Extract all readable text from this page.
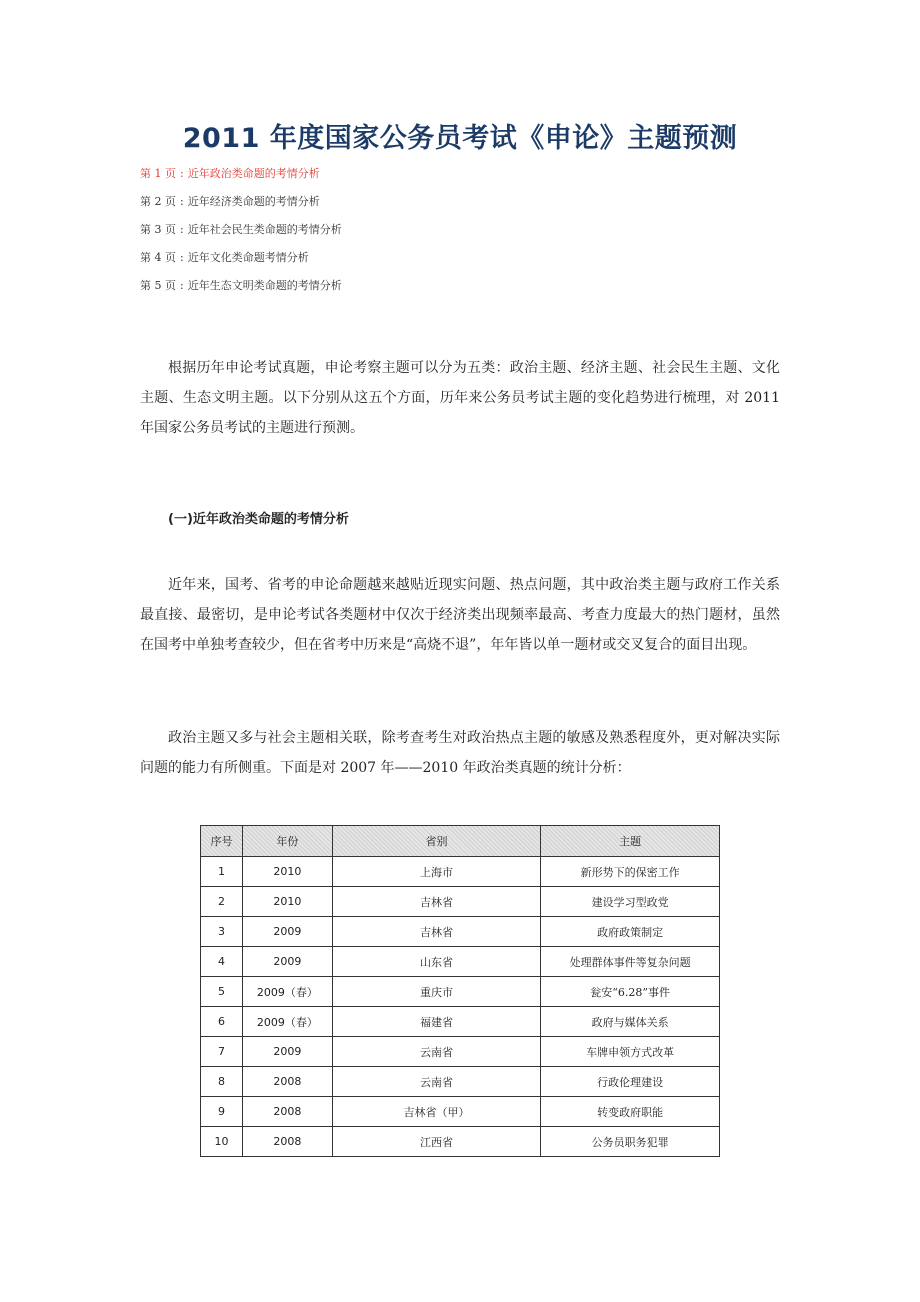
2011 年度国家公务员考试《申论》主题预测
第 1 页 : 近年政治类命题的考情分析
第 2 页 : 近年经济类命题的考情分析
第 3 页 : 近年社会民生类命题的考情分析
第 4 页 : 近年文化类命题考情分析
第 5 页 : 近年生态文明类命题的考情分析

根据历年申论考试真题，申论考察主题可以分为五类：政治主题、经济主题、社会民生主题、文化主题、生态文明主题。以下分别从这五个方面，历年来公务员考试主题的变化趋势进行梳理，对 2011 年国家公务员考试的主题进行预测。

(一)近年政治类命题的考情分析

近年来，国考、省考的申论命题越来越贴近现实问题、热点问题，其中政治类主题与政府工作关系最直接、最密切，是申论考试各类题材中仅次于经济类出现频率最高、考查力度最大的热门题材，虽然在国考中单独考查较少，但在省考中历来是“高烧不退”，年年皆以单一题材或交叉复合的面目出现。

政治主题又多与社会主题相关联，除考查考生对政治热点主题的敏感及熟悉程度外，更对解决实际问题的能力有所侧重。下面是对 2007 年——2010 年政治类真题的统计分析：

序号	年份	省别	主题
1	2010	上海市	新形势下的保密工作
2	2010	吉林省	建设学习型政党
3	2009	吉林省	政府政策制定
4	2009	山东省	处理群体事件等复杂问题
5	2009（春）	重庆市	瓮安“6.28”事件
6	2009（春）	福建省	政府与媒体关系
7	2009	云南省	车牌申领方式改革
8	2008	云南省	行政伦理建设
9	2008	吉林省（甲）	转变政府职能
10	2008	江西省	公务员职务犯罪
